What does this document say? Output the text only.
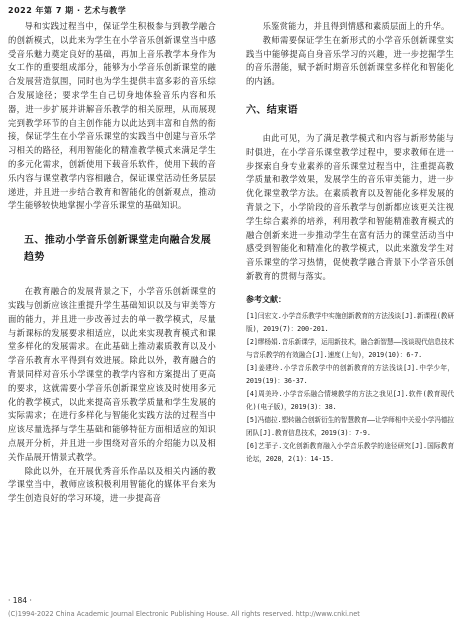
2022 年第 7 期 · 艺术与教学

导和实践过程当中，保证学生积极参与到教学融合的创新模式，以此来为学生在小学音乐创新课堂当中感受音乐魅力奠定良好的基础，再加上音乐教学本身作为女工作的重要组成部分，能够为小学音乐创新课堂的融合发展营造氛围，同时也为学生提供丰富多彩的音乐综合发展途径；要求学生自己切身地体验音乐内容和乐器，进一步扩展并讲解音乐教学的相关原理，从而展现完到教学环节的自主创作能力以此达到丰富和自然的衔接，保证学生在小学音乐课堂的实践当中创建与音乐学习相关的路径，利用智能化的精准教学模式来满足学生的多元化需求，创新使用下载音乐软件，使用下载的音乐内容与课堂教学内容相融合，保证课堂活动任务层层递进，并且进一步结合教育和智能化的创新观点，推动学生能够较快地掌握小学音乐课堂的基础知识。

五、推动小学音乐创新课堂走向融合发展趋势

在教育融合的发展背景之下，小学音乐创新课堂的实践与创新应该注重提升学生基础知识以及与审美等方面的能力，并且进一步改善过去的单一教学模式，尽量与新课标的发展要求相适应，以此来实现教育模式和课堂多样化的发展需求。在此基础上推动素质教育以及小学音乐教育水平得到有效进展。除此以外，教育融合的背景同样对音乐小学课堂的教学内容和方案提出了更高的要求，这就需要小学音乐创新课堂应该及时使用多元化的教学模式，以此来提高音乐教学质量和学生发展的实际需求；在进行多样化与智能化实践方法的过程当中应该尽量选择与学生基础和能够特征方面相适应的知识点展开分析，并且进一步围绕对音乐的介绍能力以及相关作品展开情景式教学。

除此以外，在开展优秀音乐作品以及相关内涵的教学课堂当中，教师应该积极利用智能化的媒体平台来为学生创造良好的学习环境，进一步提高音

乐鉴赏能力，并且得到情感和素质层面上的升华。

教师需要保证学生在新形式的小学音乐创新课堂实践当中能够提高自身音乐学习的兴趣，进一步挖掘学生的音乐潜能，赋予新时期音乐创新课堂多样化和智能化的内涵。

六、结束语

由此可见，为了满足教学模式和内容与新形势能与时俱进，在小学音乐课堂教学过程中，要求教师在进一步探索自身专业素养的音乐课堂过程当中，注重提高教学质量和教学效果，发展学生的音乐审美能力，进一步优化课堂教学方法。在素质教育以及智能化多样发展的背景之下，小学阶段的音乐教学与创新都应该更关注视学生综合素养的培养，利用教学和智能精准教育模式的融合创新来进一步推动学生在富有活力的课堂活动当中感受到智能化和精准化的教学模式，以此来激发学生对音乐课堂的学习热情，促使教学融合背景下小学音乐创新教育的贯彻与落实。

参考文献：
[1]闫宏文.小学音乐教学中实施创新教育的方法浅谈[J].新课程(教研版)，2019(7)：200-201.
[2]缪杨娟.音乐新课学，运用新技术，融合新智慧——浅谈现代信息技术与音乐教学的有效融合[J].速度(上旬)，2019(10)：6-7.
[3]姜建玲.小学音乐教学中的创新教育的方法浅谈[J].中学少年，2019(19)：36-37.
[4]周美玲.小学音乐融合情境教学的方法之我见[J].软件(教育现代化)(电子版)，2019(3)：38.
[5]冯德拉.塑转融合创新衍生的智慧教育——让学师相中关爱小学冯德拉团队[J].教育信息技术，2019(3)：7-9.
[6]艺菲子.文化创新教育融入小学音乐教学的途径研究[J].国际教育论坛，2020，2(1)：14-15.
· 184 ·
(C)1994-2022 China Academic Journal Electronic Publishing House. All rights reserved. http://www.cnki.net
